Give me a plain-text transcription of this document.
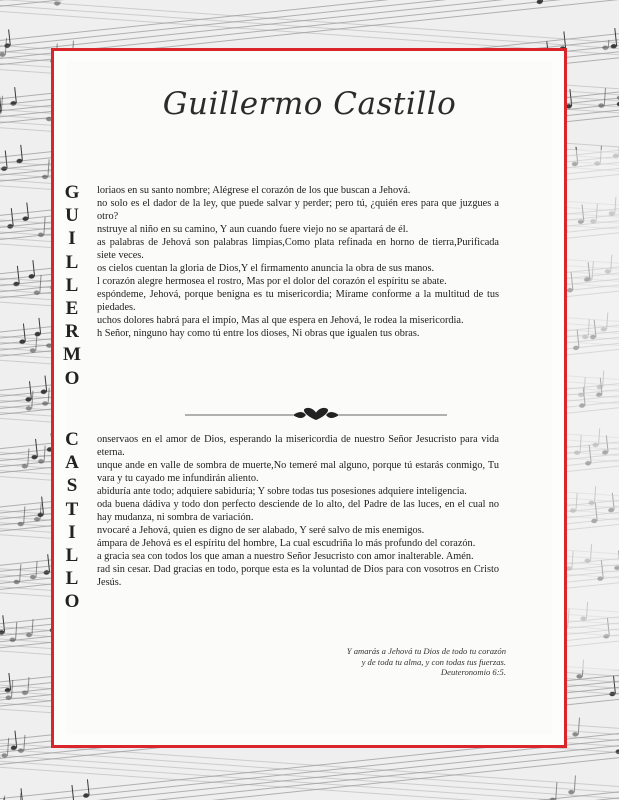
Guillermo Castillo
G
U
I
L
L
E
R
M
O
C
A
S
T
I
L
L
O

loriaos en su santo nombre; Alégrese el corazón de los que buscan a Jehová.

no solo es el dador de la ley, que puede salvar y perder; pero tú, ¿quién eres para que juzgues a otro?

nstruye al niño en su camino, Y aun cuando fuere viejo no se apartará de él.

as palabras de Jehová son palabras limpias,Como plata refinada en horno de tierra,Purificada siete veces.

os cielos cuentan la gloria de Dios,Y el firmamento anuncia la obra de sus manos.

l corazón alegre hermosea el rostro, Mas por el dolor del corazón el espíritu se abate.

espóndeme, Jehová, porque benigna es tu misericordia; Mírame conforme a la multitud de tus piedades.

uchos dolores habrá para el impío, Mas al que espera en Jehová, le rodea la misericordia.

h Señor, ninguno hay como tú entre los dioses, Ni obras que igualen tus obras.

onservaos en el amor de Dios, esperando la misericordia de nuestro Señor Jesucristo para vida eterna.

unque ande en valle de sombra de muerte,No temeré mal alguno, porque tú estarás conmigo, Tu vara y tu cayado me infundirán aliento.

abiduría ante todo; adquiere sabiduría; Y sobre todas tus posesiones adquiere inteligencia.

oda buena dádiva y todo don perfecto desciende de lo alto, del Padre de las luces, en el cual no hay mudanza, ni sombra de variación.

nvocaré a Jehová, quien es digno de ser alabado, Y seré salvo de mis enemigos.

ámpara de Jehová es el espíritu del hombre, La cual escudriña lo más profundo del corazón.

a gracia sea con todos los que aman a nuestro Señor Jesucristo con amor inalterable. Amén.

rad sin cesar. Dad gracias en todo, porque esta es la voluntad de Dios para con vosotros en Cristo Jesús.

Y amarás a Jehová tu Dios de todo tu corazón
y de toda tu alma, y con todas tus fuerzas.
Deuteronomio 6:5.
